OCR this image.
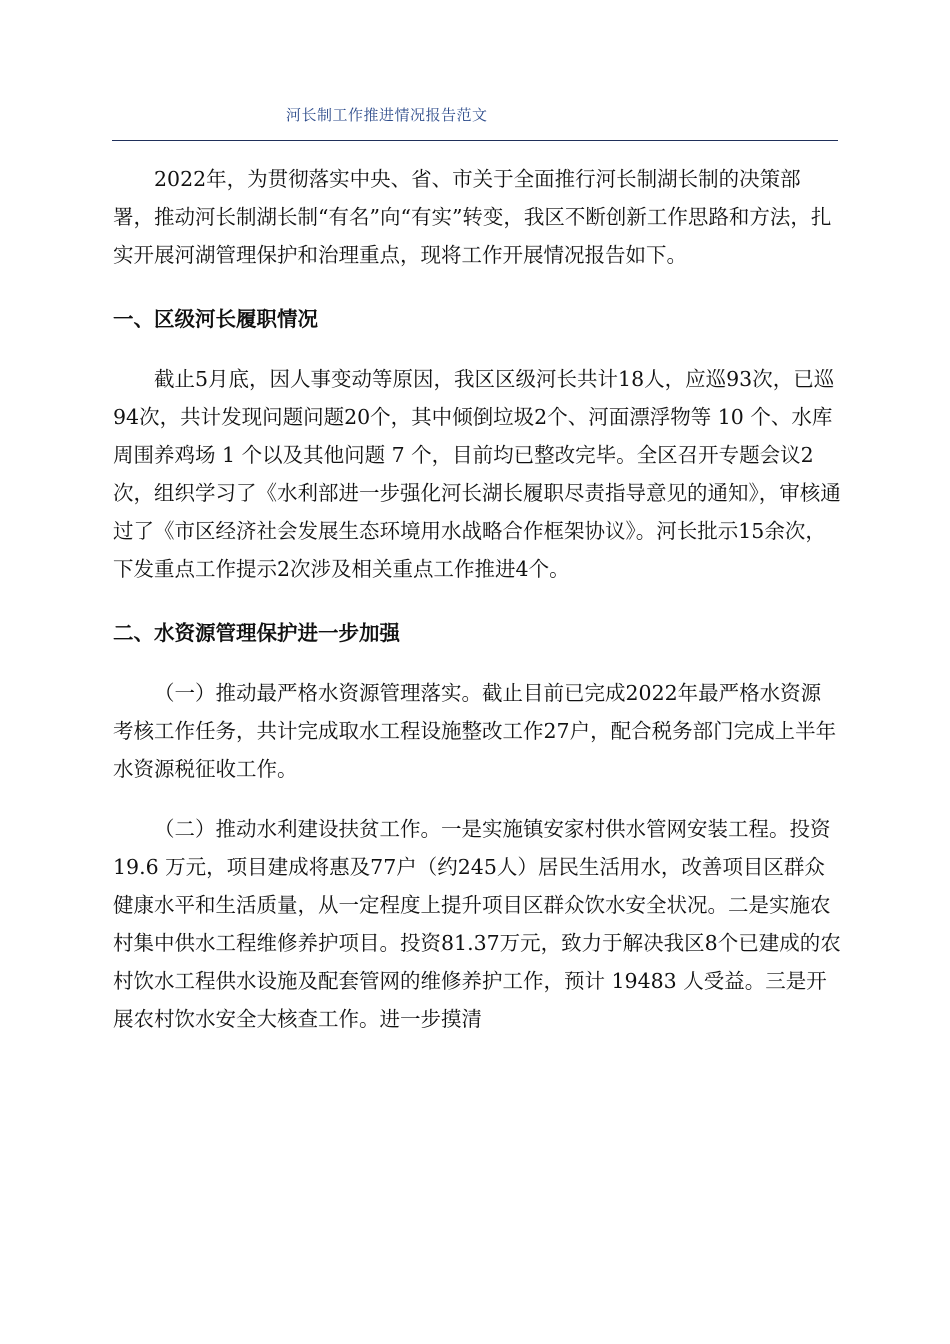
河长制工作推进情况报告范文

2022年，为贯彻落实中央、省、市关于全面推行河长制湖长制的决策部署，推动河长制湖长制“有名”向“有实”转变，我区不断创新工作思路和方法，扎实开展河湖管理保护和治理重点，现将工作开展情况报告如下。

一、区级河长履职情况

截止5月底，因人事变动等原因，我区区级河长共计18人，应巡93次，已巡94次，共计发现问题问题20个，其中倾倒垃圾2个、河面漂浮物等 10 个、水库周围养鸡场 1 个以及其他问题 7 个，目前均已整改完毕。全区召开专题会议2次，组织学习了《水利部进一步强化河长湖长履职尽责指导意见的通知》，审核通过了《市区经济社会发展生态环境用水战略合作框架协议》。河长批示15余次，下发重点工作提示2次涉及相关重点工作推进4个。

二、水资源管理保护进一步加强

（一）推动最严格水资源管理落实。截止目前已完成2022年最严格水资源考核工作任务，共计完成取水工程设施整改工作27户，配合税务部门完成上半年水资源税征收工作。

（二）推动水利建设扶贫工作。一是实施镇安家村供水管网安装工程。投资 19.6 万元，项目建成将惠及77户（约245人）居民生活用水，改善项目区群众健康水平和生活质量，从一定程度上提升项目区群众饮水安全状况。二是实施农村集中供水工程维修养护项目。投资81.37万元，致力于解决我区8个已建成的农村饮水工程供水设施及配套管网的维修养护工作，预计 19483 人受益。三是开展农村饮水安全大核查工作。进一步摸清
